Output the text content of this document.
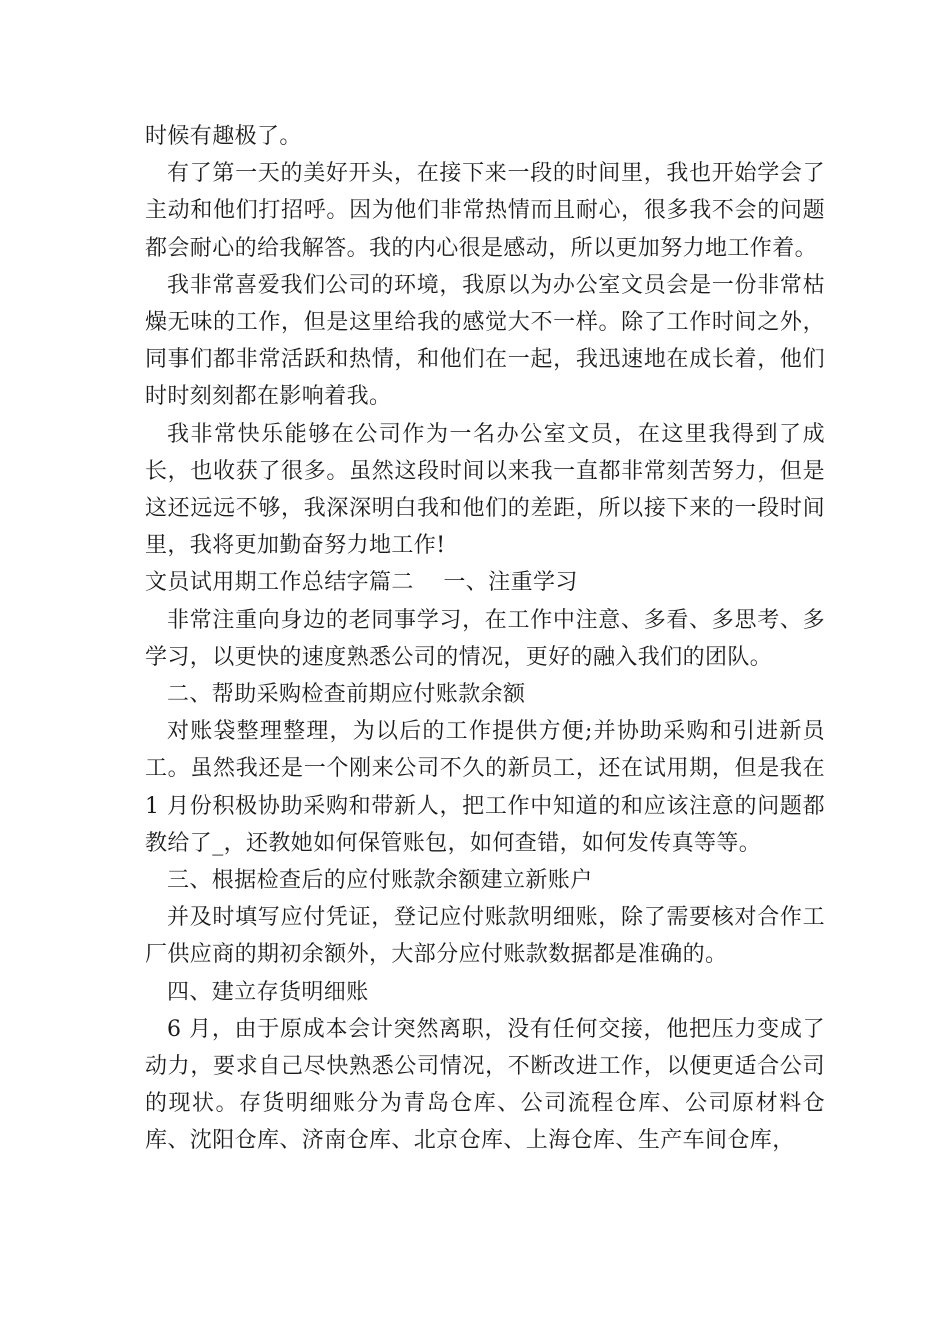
时候有趣极了。

有了第一天的美好开头，在接下来一段的时间里，我也开始学会了主动和他们打招呼。因为他们非常热情而且耐心，很多我不会的问题都会耐心的给我解答。我的内心很是感动，所以更加努力地工作着。

我非常喜爱我们公司的环境，我原以为办公室文员会是一份非常枯燥无味的工作，但是这里给我的感觉大不一样。除了工作时间之外，同事们都非常活跃和热情，和他们在一起，我迅速地在成长着，他们时时刻刻都在影响着我。

我非常快乐能够在公司作为一名办公室文员，在这里我得到了成长，也收获了很多。虽然这段时间以来我一直都非常刻苦努力，但是这还远远不够，我深深明白我和他们的差距，所以接下来的一段时间里，我将更加勤奋努力地工作!

文员试用期工作总结字篇二    一、注重学习

非常注重向身边的老同事学习，在工作中注意、多看、多思考、多学习，以更快的速度熟悉公司的情况，更好的融入我们的团队。

二、帮助采购检查前期应付账款余额

对账袋整理整理，为以后的工作提供方便;并协助采购和引进新员工。虽然我还是一个刚来公司不久的新员工，还在试用期，但是我在 1 月份积极协助采购和带新人，把工作中知道的和应该注意的问题都教给了_，还教她如何保管账包，如何查错，如何发传真等等。

三、根据检查后的应付账款余额建立新账户

并及时填写应付凭证，登记应付账款明细账，除了需要核对合作工厂供应商的期初余额外，大部分应付账款数据都是准确的。

四、建立存货明细账

6 月，由于原成本会计突然离职，没有任何交接，他把压力变成了动力，要求自己尽快熟悉公司情况，不断改进工作，以便更适合公司的现状。存货明细账分为青岛仓库、公司流程仓库、公司原材料仓库、沈阳仓库、济南仓库、北京仓库、上海仓库、生产车间仓库，
